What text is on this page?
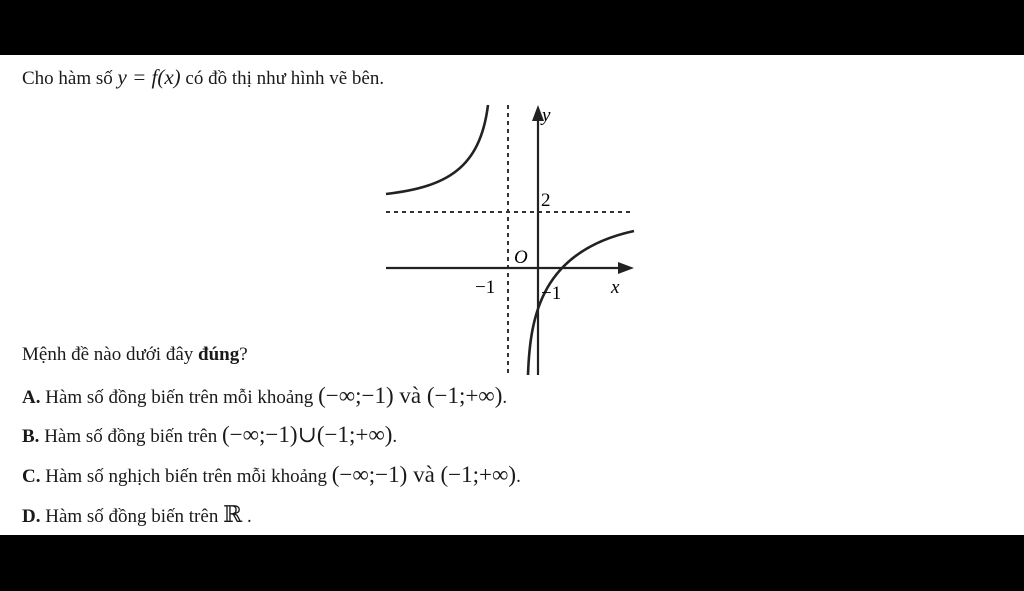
Cho hàm số y = f(x) có đồ thị như hình vẽ bên.
y
x
O
2
−1 −1
Mệnh đề nào dưới đây đúng?
A. Hàm số đồng biến trên mỗi khoảng (−∞;−1) và (−1;+∞).
B. Hàm số đồng biến trên (−∞;−1)∪(−1;+∞).
C. Hàm số nghịch biến trên mỗi khoảng (−∞;−1) và (−1;+∞).
D. Hàm số đồng biến trên ℝ .
